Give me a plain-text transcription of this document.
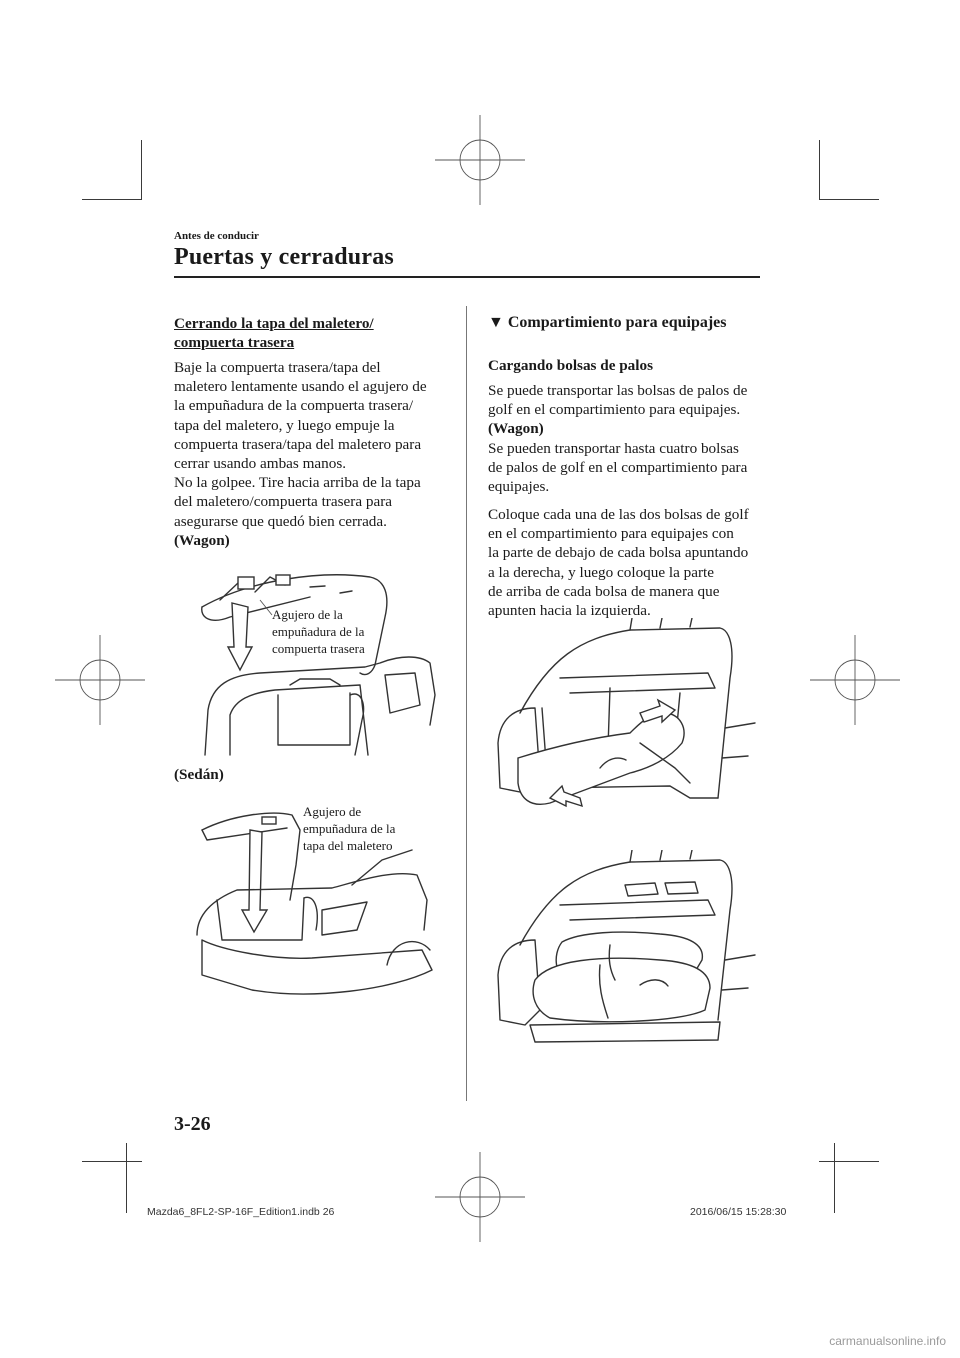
Antes de conducir
Puertas y cerraduras
Cerrando la tapa del maletero/
compuerta trasera
Baje la compuerta trasera/tapa del
maletero lentamente usando el agujero de
la empuñadura de la compuerta trasera/
tapa del maletero, y luego empuje la
compuerta trasera/tapa del maletero para
cerrar usando ambas manos.
No la golpee. Tire hacia arriba de la tapa
del maletero/compuerta trasera para
asegurarse que quedó bien cerrada.
(Wagon)
Agujero de la
empuñadura de la
compuerta trasera
(Sedán)
Agujero de
empuñadura de la
tapa del maletero
▼ Compartimiento para equipajes
Cargando bolsas de palos
Se puede transportar las bolsas de palos de
golf en el compartimiento para equipajes.
(Wagon)
Se pueden transportar hasta cuatro bolsas
de palos de golf en el compartimiento para
equipajes.
Coloque cada una de las dos bolsas de golf
en el compartimiento para equipajes con
la parte de debajo de cada bolsa apuntando
a la derecha, y luego coloque la parte
de arriba de cada bolsa de manera que
apunten hacia la izquierda.
3-26
Mazda6_8FL2-SP-16F_Edition1.indb 26	2016/06/15 15:28:30
carmanualsonline.info
